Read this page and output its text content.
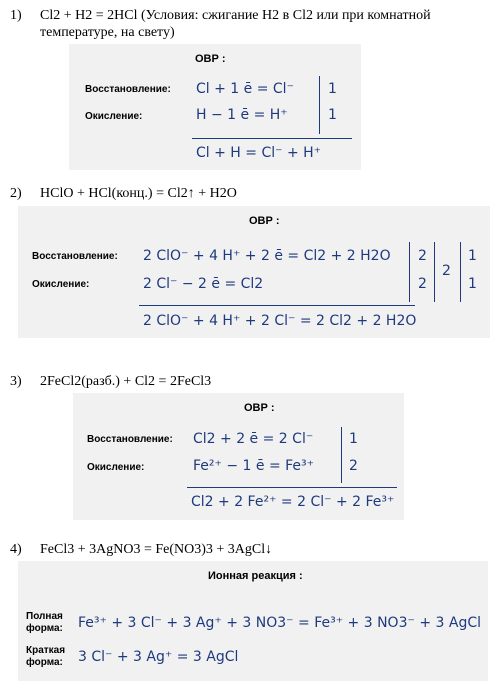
1) Cl2 + H2 = 2HCl (Условия: сжигание H2 в Cl2 или при комнатной
температуре, на свету)
ОВР :
Восстановление:
Окисление:
Cl + 1 ē = Cl⁻
H − 1 ē = H⁺
1
1
Cl + H = Cl⁻ + H⁺
2) HClO + HCl(конц.) = Cl2↑ + H2O
ОВР :
Восстановление:
Окисление:
2 ClO⁻ + 4 H⁺ + 2 ē = Cl2 + 2 H2O
2 Cl⁻ − 2 ē = Cl2
2
2
2
1
1
2 ClO⁻ + 4 H⁺ + 2 Cl⁻ = 2 Cl2 + 2 H2O
3) 2FeCl2(разб.) + Cl2 = 2FeCl3
ОВР :
Восстановление:
Окисление:
Cl2 + 2 ē = 2 Cl⁻
Fe²⁺ − 1 ē = Fe³⁺
1
2
Cl2 + 2 Fe²⁺ = 2 Cl⁻ + 2 Fe³⁺
4) FeCl3 + 3AgNO3 = Fe(NO3)3 + 3AgCl↓
Ионная реакция :
Полная
форма: Fe³⁺ + 3 Cl⁻ + 3 Ag⁺ + 3 NO3⁻ = Fe³⁺ + 3 NO3⁻ + 3 AgCl
Краткая
форма: 3 Cl⁻ + 3 Ag⁺ = 3 AgCl
